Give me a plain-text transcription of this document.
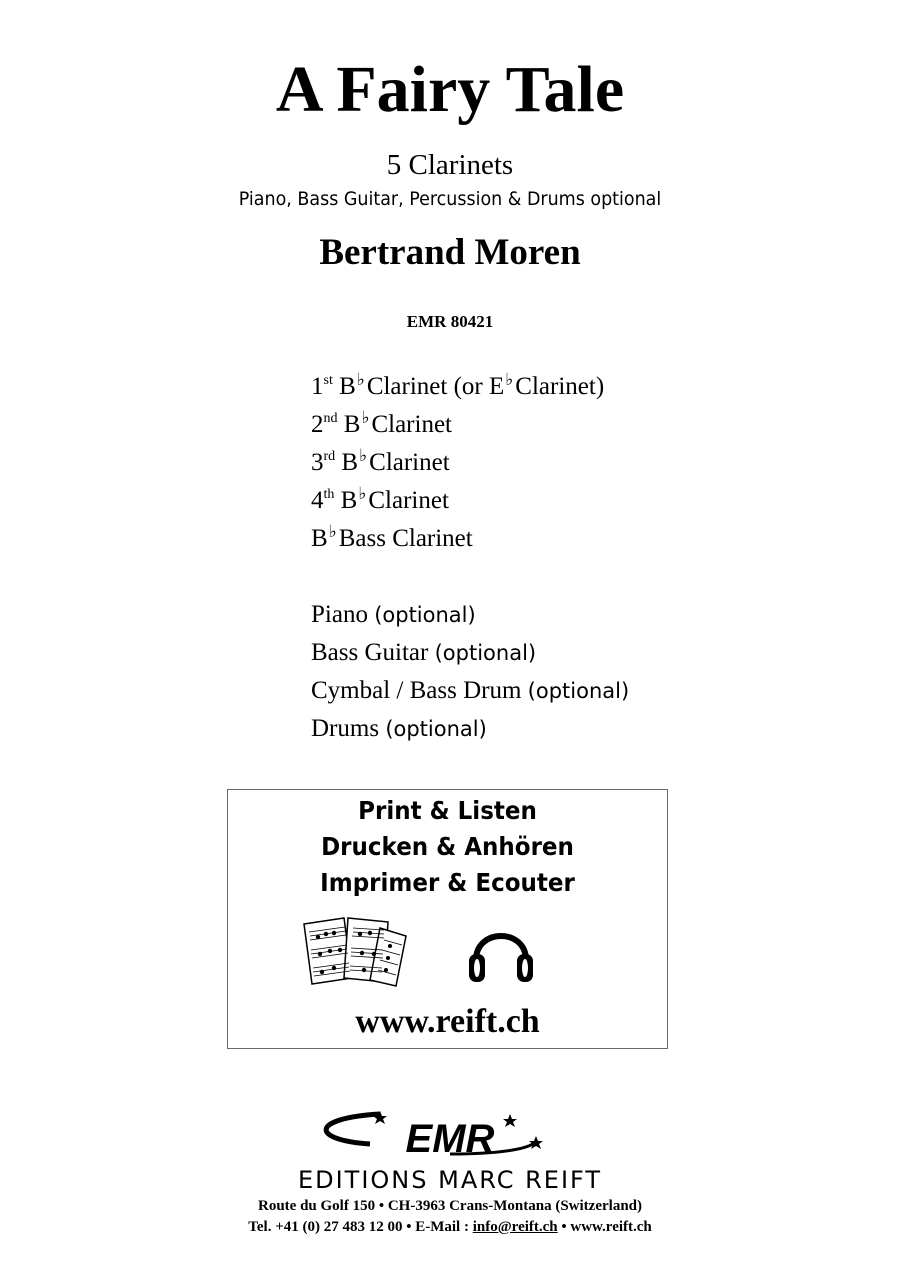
A Fairy Tale
5 Clarinets
Piano, Bass Guitar, Percussion & Drums optional
Bertrand Moren
EMR 80421
1st B♭Clarinet (or E♭Clarinet)
2nd B♭Clarinet
3rd B♭Clarinet
4th B♭Clarinet
B♭Bass Clarinet
Piano (optional)
Bass Guitar (optional)
Cymbal / Bass Drum (optional)
Drums (optional)
Print & Listen
Drucken & Anhören
Imprimer & Ecouter
www.reift.ch
EMR
EDITIONS MARC REIFT
Route du Golf 150 • CH-3963 Crans-Montana (Switzerland)
Tel. +41 (0) 27 483 12 00 • E-Mail : info@reift.ch • www.reift.ch
